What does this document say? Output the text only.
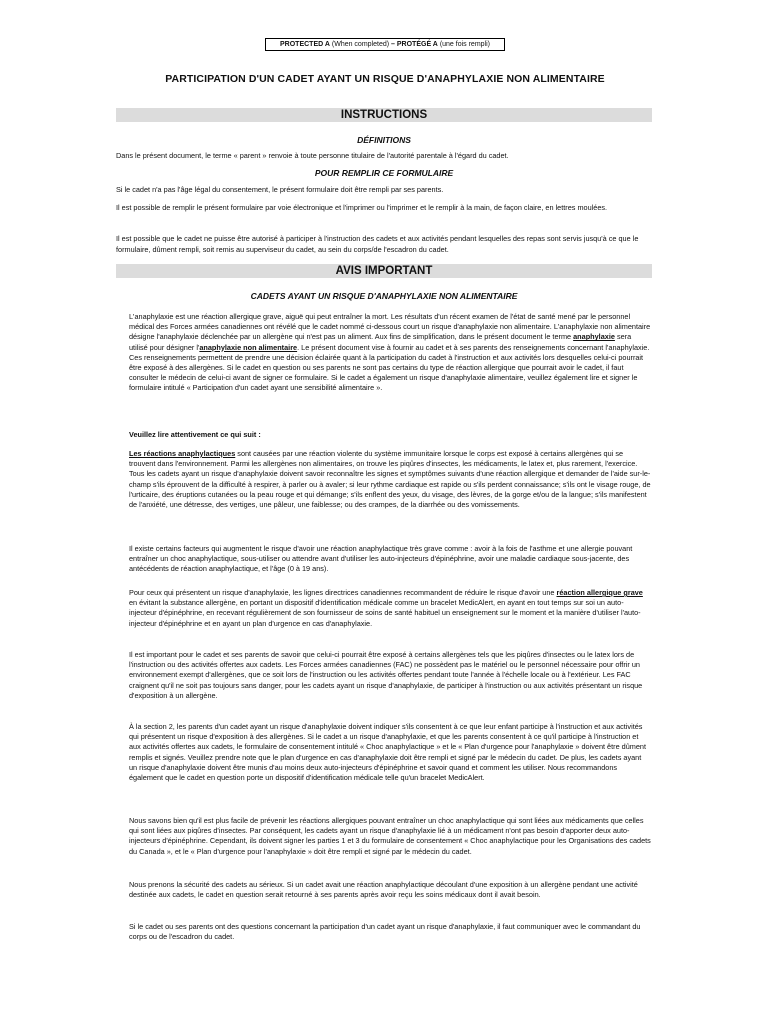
PROTECTED A (When completed) – PROTÉGÉ A (une fois rempli)
PARTICIPATION D'UN CADET AYANT UN RISQUE D'ANAPHYLAXIE NON ALIMENTAIRE
INSTRUCTIONS
DÉFINITIONS
Dans le présent document, le terme « parent » renvoie à toute personne titulaire de l'autorité parentale à l'égard du cadet.
POUR REMPLIR CE FORMULAIRE
Si le cadet n'a pas l'âge légal du consentement, le présent formulaire doit être rempli par ses parents.
Il est possible de remplir le présent formulaire par voie électronique et l'imprimer ou l'imprimer et le remplir à la main, de façon claire, en lettres moulées.
Il est possible que le cadet ne puisse être autorisé à participer à l'instruction des cadets et aux activités pendant lesquelles des repas sont servis jusqu'à ce que le formulaire, dûment rempli, soit remis au superviseur du cadet, au sein du corps/de l'escadron du cadet.
AVIS IMPORTANT
CADETS AYANT UN RISQUE D'ANAPHYLAXIE NON ALIMENTAIRE
L'anaphylaxie est une réaction allergique grave, aiguë qui peut entraîner la mort. Les résultats d'un récent examen de l'état de santé mené par le personnel médical des Forces armées canadiennes ont révélé que le cadet nommé ci-dessous court un risque d'anaphylaxie non alimentaire. L'anaphylaxie non alimentaire désigne l'anaphylaxie déclenchée par un allergène qui n'est pas un aliment. Aux fins de simplification, dans le présent document le terme anaphylaxie sera utilisé pour désigner l'anaphylaxie non alimentaire. Le présent document vise à fournir au cadet et à ses parents des renseignements concernant l'anaphylaxie. Ces renseignements permettent de prendre une décision éclairée quant à la participation du cadet à l'instruction et aux activités lors desquelles celui-ci pourrait être exposé à des allergènes. Si le cadet en question ou ses parents ne sont pas certains du type de réaction allergique que pourrait avoir le cadet, il faut consulter le médecin de celui-ci avant de signer ce formulaire. Si le cadet a également un risque d'anaphylaxie alimentaire, veuillez également lire et signer le formulaire intitulé « Participation d'un cadet ayant une sensibilité alimentaire ».
Veuillez lire attentivement ce qui suit :
Les réactions anaphylactiques sont causées par une réaction violente du système immunitaire lorsque le corps est exposé à certains allergènes qui se trouvent dans l'environnement. Parmi les allergènes non alimentaires, on trouve les piqûres d'insectes, les médicaments, le latex et, plus rarement, l'exercice. Tous les cadets ayant un risque d'anaphylaxie doivent savoir reconnaître les signes et symptômes suivants d'une réaction allergique et demander de l'aide sur-le-champ s'ils éprouvent de la difficulté à respirer, à parler ou à avaler; si leur rythme cardiaque est rapide ou s'ils perdent connaissance; s'ils ont le visage rouge, de l'urticaire, des éruptions cutanées ou la peau rouge et qui démange; s'ils enflent des yeux, du visage, des lèvres, de la gorge et/ou de la langue; s'ils manifestent de l'anxiété, une détresse, des vertiges, une pâleur, une faiblesse; ou des crampes, de la diarrhée ou des vomissements.
Il existe certains facteurs qui augmentent le risque d'avoir une réaction anaphylactique très grave comme : avoir à la fois de l'asthme et une allergie pouvant entraîner un choc anaphylactique, sous-utiliser ou attendre avant d'utiliser les auto-injecteurs d'épinéphrine, avoir une maladie cardiaque sous-jacente, des antécédents de réaction anaphylactique, et l'âge (0 à 19 ans).
Pour ceux qui présentent un risque d'anaphylaxie, les lignes directrices canadiennes recommandent de réduire le risque d'avoir une réaction allergique grave en évitant la substance allergène, en portant un dispositif d'identification médicale comme un bracelet MedicAlert, en ayant en tout temps sur soi un auto-injecteur d'épinéphrine, en recevant régulièrement de son fournisseur de soins de santé habituel un enseignement sur le moment et la manière d'utiliser l'auto-injecteur d'épinéphrine et en ayant un plan d'urgence en cas d'anaphylaxie.
Il est important pour le cadet et ses parents de savoir que celui-ci pourrait être exposé à certains allergènes tels que les piqûres d'insectes ou le latex lors de l'instruction ou des activités offertes aux cadets. Les Forces armées canadiennes (FAC) ne possèdent pas le matériel ou le personnel nécessaire pour offrir un environnement exempt d'allergènes, que ce soit lors de l'instruction ou les activités offertes pendant toute l'année à l'échelle locale ou à l'extérieur. Les FAC craignent qu'il ne soit pas toujours sans danger, pour les cadets ayant un risque d'anaphylaxie, de participer à l'instruction ou aux activités présentant un risque d'exposition à un allergène.
À la section 2, les parents d'un cadet ayant un risque d'anaphylaxie doivent indiquer s'ils consentent à ce que leur enfant participe à l'instruction et aux activités qui présentent un risque d'exposition à des allergènes. Si le cadet a un risque d'anaphylaxie, et que les parents consentent à ce qu'il participe à l'instruction et aux activités offertes aux cadets, le formulaire de consentement intitulé « Choc anaphylactique » et le « Plan d'urgence pour l'anaphylaxie » doivent être dûment remplis et signés. Veuillez prendre note que le plan d'urgence en cas d'anaphylaxie doit être rempli et signé par le médecin du cadet. De plus, les cadets ayant un risque d'anaphylaxie doivent être munis d'au moins deux auto-injecteurs d'épinéphrine et savoir quand et comment les utiliser. Nous recommandons également que le cadet en question porte un dispositif d'identification médicale telle qu'un bracelet MedicAlert.
Nous savons bien qu'il est plus facile de prévenir les réactions allergiques pouvant entraîner un choc anaphylactique qui sont liées aux médicaments que celles qui sont liées aux piqûres d'insectes. Par conséquent, les cadets ayant un risque d'anaphylaxie lié à un médicament n'ont pas besoin d'apporter deux auto-injecteurs d'épinéphrine. Cependant, ils doivent signer les parties 1 et 3 du formulaire de consentement « Choc anaphylactique pour les Organisations des cadets du Canada », et le « Plan d'urgence pour l'anaphylaxie » doit être rempli et signé par le médecin du cadet.
Nous prenons la sécurité des cadets au sérieux. Si un cadet avait une réaction anaphylactique découlant d'une exposition à un allergène pendant une activité destinée aux cadets, le cadet en question serait retourné à ses parents après avoir reçu les soins médicaux dont il avait besoin.
Si le cadet ou ses parents ont des questions concernant la participation d'un cadet ayant un risque d'anaphylaxie, il faut communiquer avec le commandant du corps ou de l'escadron du cadet.
